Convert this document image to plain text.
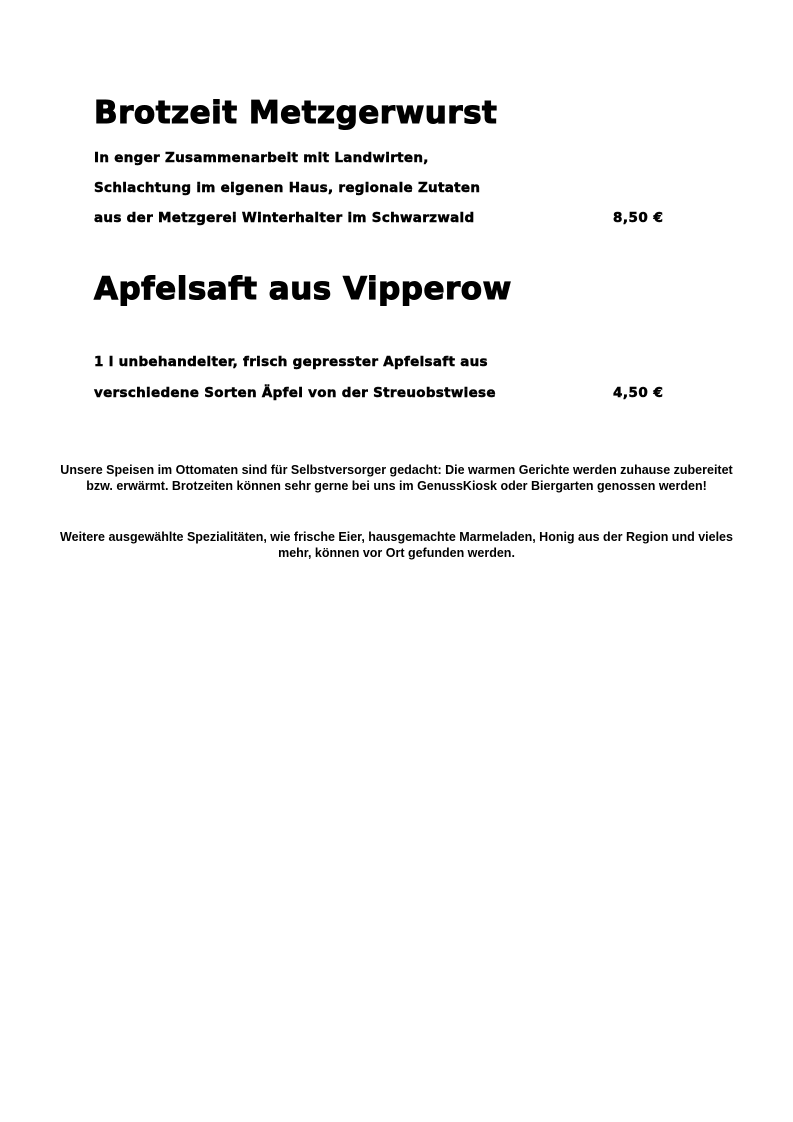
Brotzeit Metzgerwurst

In enger Zusammenarbeit mit Landwirten,

Schlachtung im eigenen Haus, regionale Zutaten

aus der Metzgerei Winterhalter im Schwarzwald	8,50 €

Apfelsaft aus Vipperow

1 l unbehandelter, frisch gepresster Apfelsaft aus

verschiedene Sorten Äpfel von der Streuobstwiese	4,50 €

Unsere Speisen im Ottomaten sind für Selbstversorger gedacht: Die warmen Gerichte werden zuhause zubereitet bzw. erwärmt. Brotzeiten können sehr gerne bei uns im GenussKiosk oder Biergarten genossen werden!

Weitere ausgewählte Spezialitäten, wie frische Eier, hausgemachte Marmeladen, Honig aus der Region und vieles mehr, können vor Ort gefunden werden.
